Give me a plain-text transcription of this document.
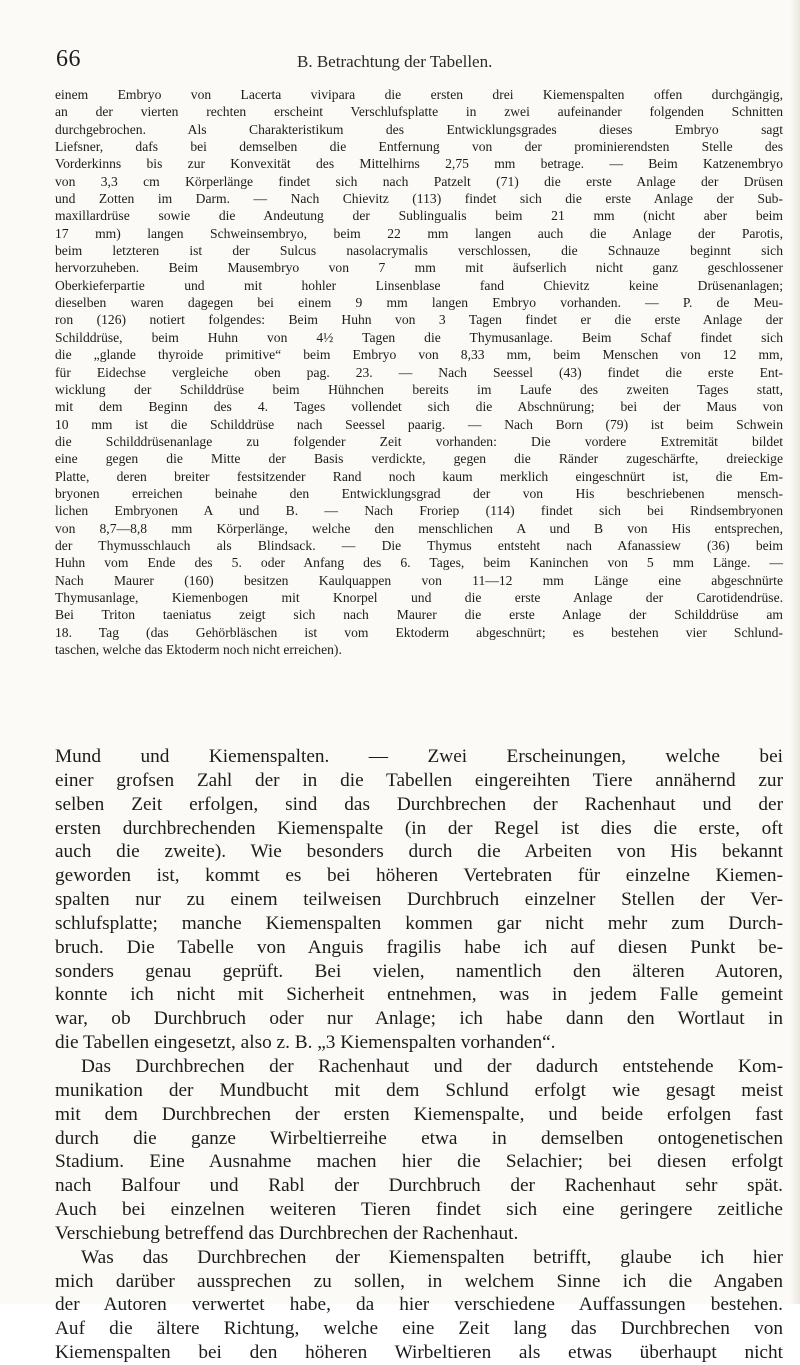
66	B. Betrachtung der Tabellen.
einem Embryo von Lacerta vivipara die ersten drei Kiemenspalten offen durchgängig,
an der vierten rechten erscheint Verschlufsplatte in zwei aufeinander folgenden Schnitten
durchgebrochen. Als Charakteristikum des Entwicklungsgrades dieses Embryo sagt
Liefsner, dafs bei demselben die Entfernung von der prominierendsten Stelle des
Vorderkinns bis zur Konvexität des Mittelhirns 2,75 mm betrage. — Beim Katzenembryo
von 3,3 cm Körperlänge findet sich nach Patzelt (71) die erste Anlage der Drüsen
und Zotten im Darm. — Nach Chievitz (113) findet sich die erste Anlage der Sub-
maxillardrüse sowie die Andeutung der Sublingualis beim 21 mm (nicht aber beim
17 mm) langen Schweinsembryo, beim 22 mm langen auch die Anlage der Parotis,
beim letzteren ist der Sulcus nasolacrymalis verschlossen, die Schnauze beginnt sich
hervorzuheben. Beim Mausembryo von 7 mm mit äufserlich nicht ganz geschlossener
Oberkieferpartie und mit hohler Linsenblase fand Chievitz keine Drüsenanlagen;
dieselben waren dagegen bei einem 9 mm langen Embryo vorhanden. — P. de Meu-
ron (126) notiert folgendes: Beim Huhn von 3 Tagen findet er die erste Anlage der
Schilddrüse, beim Huhn von 4½ Tagen die Thymusanlage. Beim Schaf findet sich
die „glande thyroide primitive“ beim Embryo von 8,33 mm, beim Menschen von 12 mm,
für Eidechse vergleiche oben pag. 23. — Nach Seessel (43) findet die erste Ent-
wicklung der Schilddrüse beim Hühnchen bereits im Laufe des zweiten Tages statt,
mit dem Beginn des 4. Tages vollendet sich die Abschnürung; bei der Maus von
10 mm ist die Schilddrüse nach Seessel paarig. — Nach Born (79) ist beim Schwein
die Schilddrüsenanlage zu folgender Zeit vorhanden: Die vordere Extremität bildet
eine gegen die Mitte der Basis verdickte, gegen die Ränder zugeschärfte, dreieckige
Platte, deren breiter festsitzender Rand noch kaum merklich eingeschnürt ist, die Em-
bryonen erreichen beinahe den Entwicklungsgrad der von His beschriebenen mensch-
lichen Embryonen A und B. — Nach Froriep (114) findet sich bei Rindsembryonen
von 8,7—8,8 mm Körperlänge, welche den menschlichen A und B von His entsprechen,
der Thymusschlauch als Blindsack. — Die Thymus entsteht nach Afanassiew (36) beim
Huhn vom Ende des 5. oder Anfang des 6. Tages, beim Kaninchen von 5 mm Länge. —
Nach Maurer (160) besitzen Kaulquappen von 11—12 mm Länge eine abgeschnürte
Thymusanlage, Kiemenbogen mit Knorpel und die erste Anlage der Carotidendrüse.
Bei Triton taeniatus zeigt sich nach Maurer die erste Anlage der Schilddrüse am
18. Tag (das Gehörbläschen ist vom Ektoderm abgeschnürt; es bestehen vier Schlund-
taschen, welche das Ektoderm noch nicht erreichen).
Mund und Kiemenspalten. — Zwei Erscheinungen, welche bei
einer grofsen Zahl der in die Tabellen eingereihten Tiere annähernd zur
selben Zeit erfolgen, sind das Durchbrechen der Rachenhaut und der
ersten durchbrechenden Kiemenspalte (in der Regel ist dies die erste, oft
auch die zweite). Wie besonders durch die Arbeiten von His bekannt
geworden ist, kommt es bei höheren Vertebraten für einzelne Kiemen-
spalten nur zu einem teilweisen Durchbruch einzelner Stellen der Ver-
schlufsplatte; manche Kiemenspalten kommen gar nicht mehr zum Durch-
bruch. Die Tabelle von Anguis fragilis habe ich auf diesen Punkt be-
sonders genau geprüft. Bei vielen, namentlich den älteren Autoren,
konnte ich nicht mit Sicherheit entnehmen, was in jedem Falle gemeint
war, ob Durchbruch oder nur Anlage; ich habe dann den Wortlaut in
die Tabellen eingesetzt, also z. B. „3 Kiemenspalten vorhanden“.
Das Durchbrechen der Rachenhaut und der dadurch entstehende Kom-
munikation der Mundbucht mit dem Schlund erfolgt wie gesagt meist
mit dem Durchbrechen der ersten Kiemenspalte, und beide erfolgen fast
durch die ganze Wirbeltierreihe etwa in demselben ontogenetischen
Stadium. Eine Ausnahme machen hier die Selachier; bei diesen erfolgt
nach Balfour und Rabl der Durchbruch der Rachenhaut sehr spät.
Auch bei einzelnen weiteren Tieren findet sich eine geringere zeitliche
Verschiebung betreffend das Durchbrechen der Rachenhaut.
Was das Durchbrechen der Kiemenspalten betrifft, glaube ich hier
mich darüber aussprechen zu sollen, in welchem Sinne ich die Angaben
der Autoren verwertet habe, da hier verschiedene Auffassungen bestehen.
Auf die ältere Richtung, welche eine Zeit lang das Durchbrechen von
Kiemenspalten bei den höheren Wirbeltieren als etwas überhaupt nicht
